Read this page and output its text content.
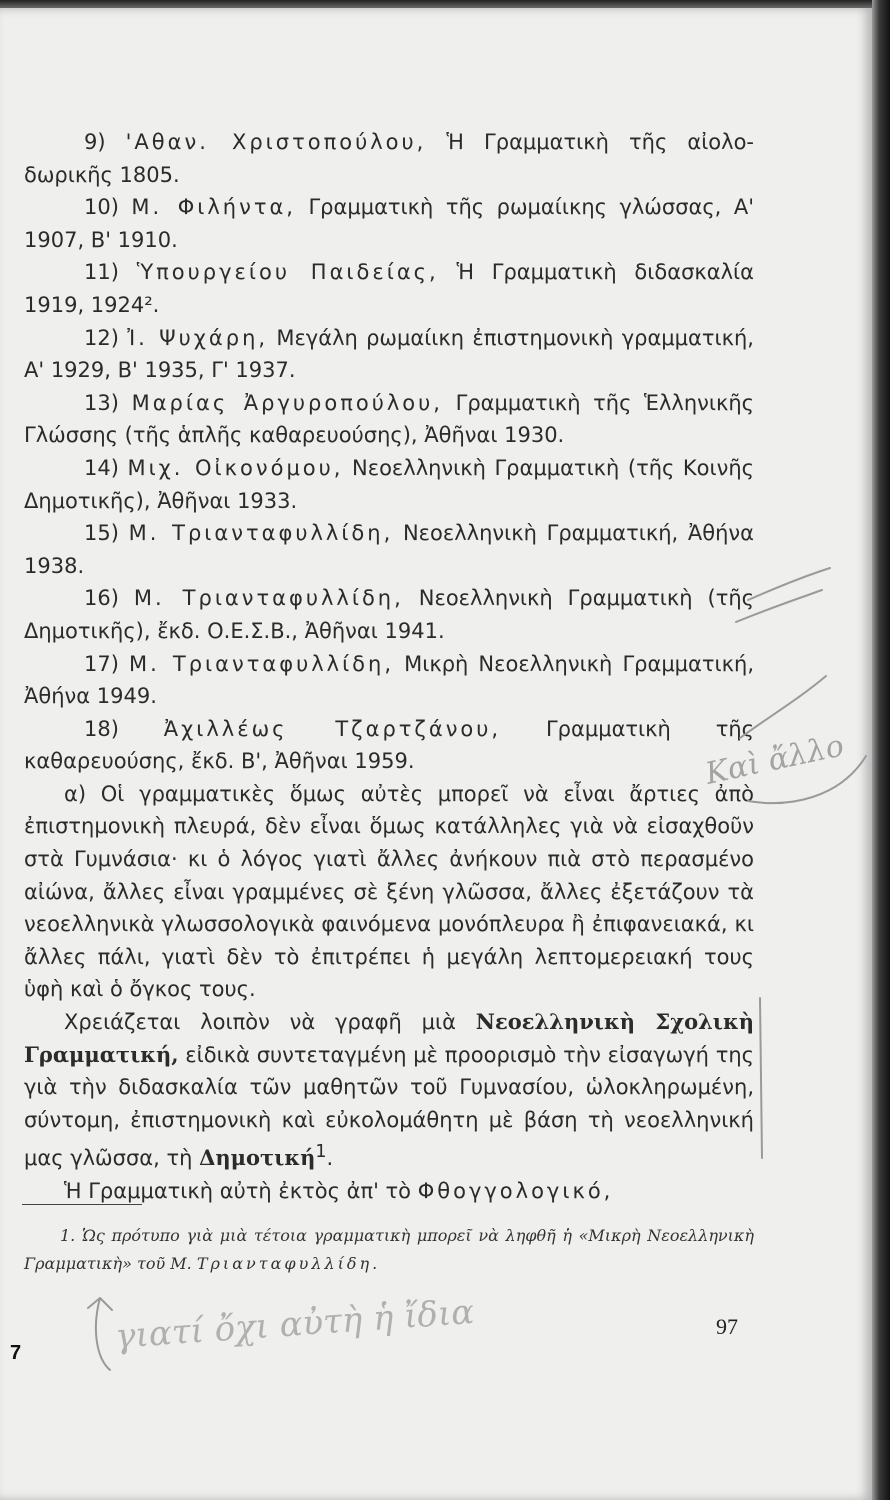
9) 'Αθαν. Χριστοπούλου, Ἡ Γραμματικὴ τῆς αἰολο-δωρικῆς 1805.

10) Μ. Φιλήντα, Γραμματικὴ τῆς ρωμαίικης γλώσσας, Α' 1907, Β' 1910.

11) Ὑπουργείου Παιδείας, Ἡ Γραμματικὴ διδασκαλία 1919, 1924².

12) Ἰ. Ψυχάρη, Μεγάλη ρωμαίικη ἐπιστημονικὴ γραμματική, Α' 1929, Β' 1935, Γ' 1937.

13) Μαρίας Ἀργυροπούλου, Γραμματικὴ τῆς Ἑλληνικῆς Γλώσσης (τῆς ἁπλῆς καθαρευούσης), Ἀθῆναι 1930.

14) Μιχ. Οἰκονόμου, Νεοελληνικὴ Γραμματικὴ (τῆς Κοινῆς Δημοτικῆς), Ἀθῆναι 1933.

15) Μ. Τριανταφυλλίδη, Νεοελληνικὴ Γραμματική, Ἀθήνα 1938.

16) Μ. Τριανταφυλλίδη, Νεοελληνικὴ Γραμματικὴ (τῆς Δημοτικῆς), ἔκδ. Ο.Ε.Σ.Β., Ἀθῆναι 1941.

17) Μ. Τριανταφυλλίδη, Μικρὴ Νεοελληνικὴ Γραμματική, Ἀθήνα 1949.

18) Ἀχιλλέως Τζαρτζάνου, Γραμματικὴ τῆς καθαρευούσης, ἔκδ. Β', Ἀθῆναι 1959.

α) Οἱ γραμματικὲς ὅμως αὐτὲς μπορεῖ νὰ εἶναι ἄρτιες ἀπὸ ἐπιστημονικὴ πλευρά, δὲν εἶναι ὅμως κατάλληλες γιὰ νὰ εἰσαχθοῦν στὰ Γυμνάσια· κι ὁ λόγος γιατὶ ἄλλες ἀνήκουν πιὰ στὸ περασμένο αἰώνα, ἄλλες εἶναι γραμμένες σὲ ξένη γλῶσσα, ἄλλες ἐξετάζουν τὰ νεοελληνικὰ γλωσσολογικὰ φαινόμενα μονόπλευρα ἢ ἐπιφανειακά, κι ἄλλες πάλι, γιατὶ δὲν τὸ ἐπιτρέπει ἡ μεγάλη λεπτομερειακή τους ὑφὴ καὶ ὁ ὄγκος τους.

Χρειάζεται λοιπὸν νὰ γραφῆ μιὰ Νεοελληνικὴ Σχολικὴ Γραμματική, εἰδικὰ συντεταγμένη μὲ προορισμὸ τὴν εἰσαγωγή της γιὰ τὴν διδασκαλία τῶν μαθητῶν τοῦ Γυμνασίου, ὡλοκληρωμένη, σύντομη, ἐπιστημονικὴ καὶ εὐκολομάθητη μὲ βάση τὴ νεοελληνική μας γλῶσσα, τὴ Δημοτική$^1$.

Ἡ Γραμματικὴ αὐτὴ ἐκτὸς ἀπ' τὸ Φθογγολογικό,

1. Ὡς πρότυπο γιὰ μιὰ τέτοια γραμματικὴ μπορεῖ νὰ ληφθῆ ἡ «Μικρὴ Νεοελληνικὴ Γραμματικὴ» τοῦ Μ. Τριανταφυλλίδη.

97
7
Καὶ ἄλλο
γιατί ὄχι αὐτὴ ἡ ἴδια
